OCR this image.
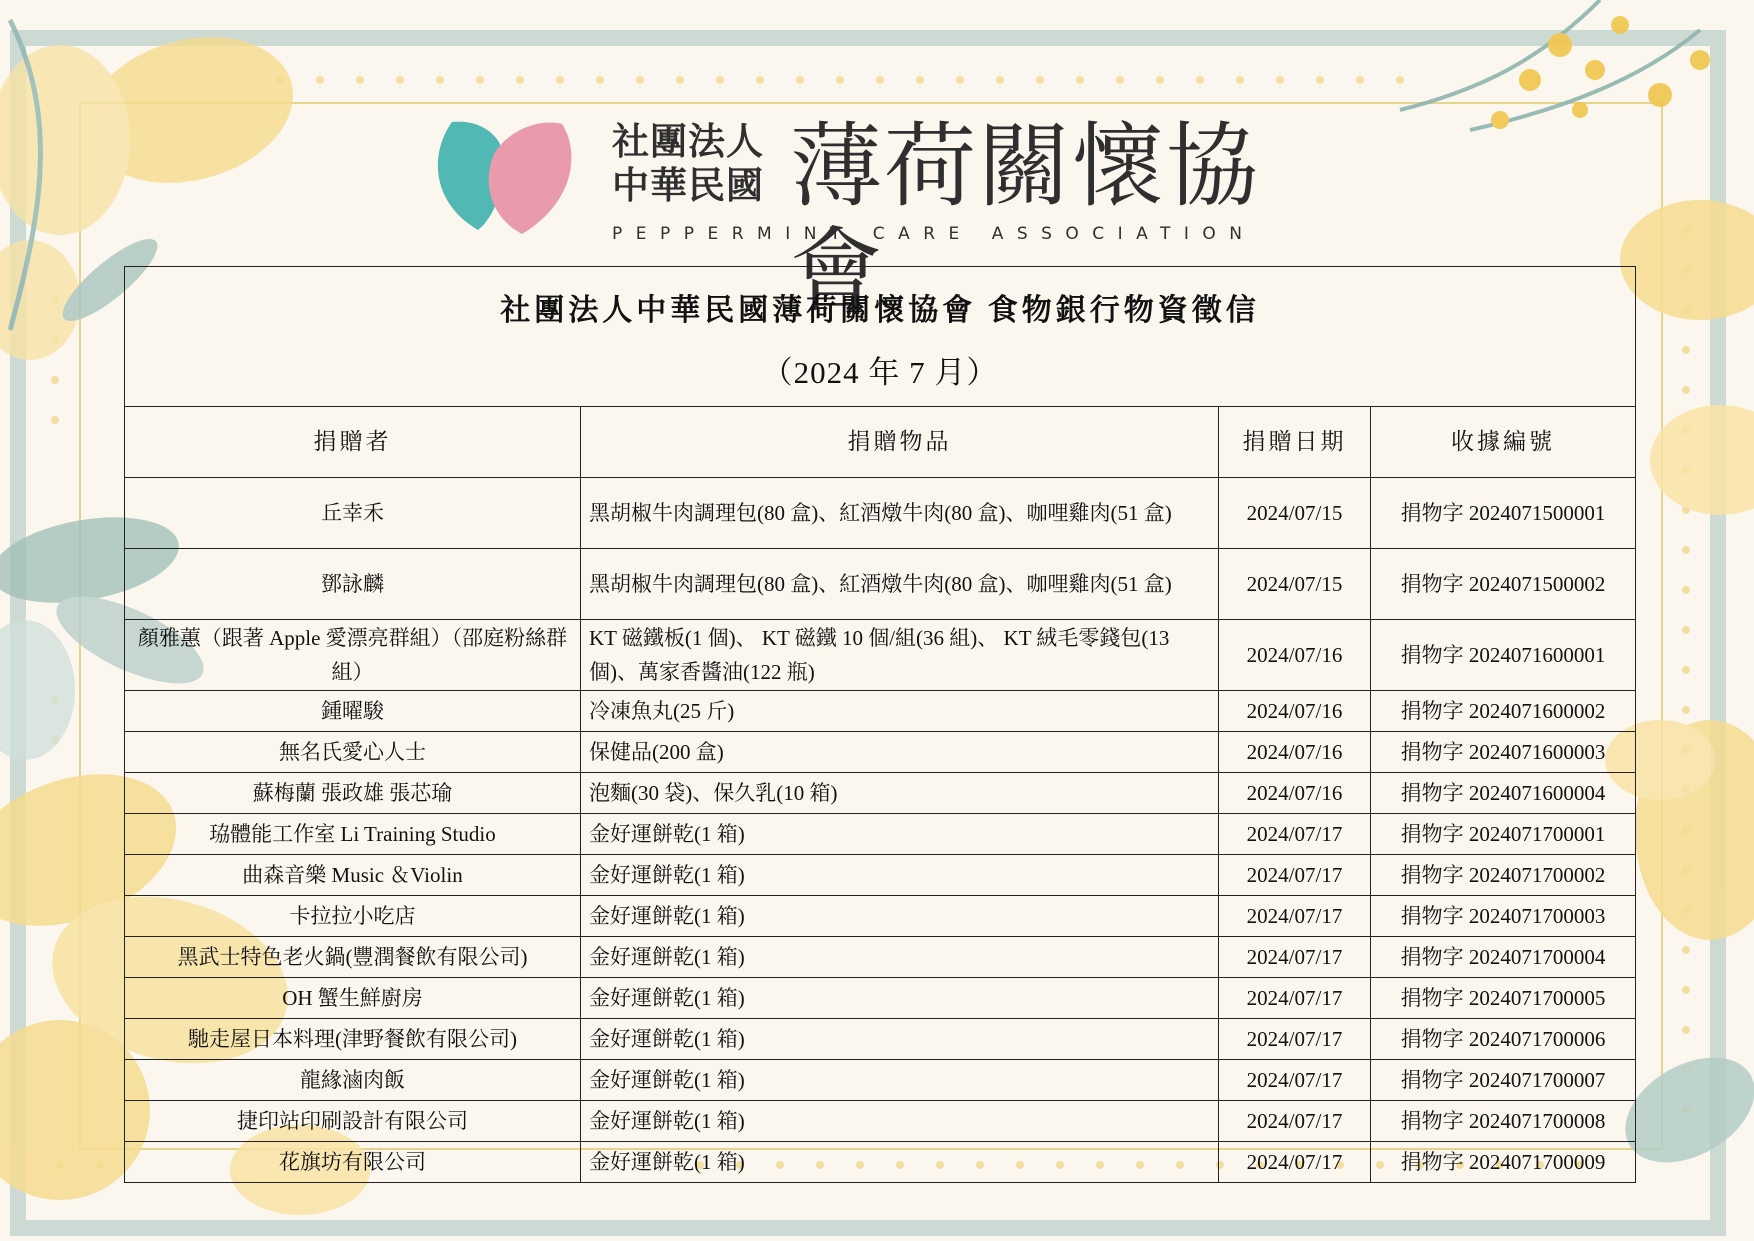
社團法人
中華民國 薄荷關懷協會
PEPPERMINT CARE ASSOCIATION
社團法人中華民國薄荷關懷協會 食物銀行物資徵信
（2024 年 7 月）			

捐贈者	捐贈物品	捐贈日期	收據編號
丘幸禾	黑胡椒牛肉調理包(80 盒)、紅酒燉牛肉(80 盒)、咖哩雞肉(51 盒)	2024/07/15	捐物字 2024071500001
鄧詠麟	黑胡椒牛肉調理包(80 盒)、紅酒燉牛肉(80 盒)、咖哩雞肉(51 盒)	2024/07/15	捐物字 2024071500002
顏雅蕙（跟著 Apple 愛漂亮群組）（邵庭粉絲群組）	KT 磁鐵板(1 個)、 KT 磁鐵 10 個/組(36 組)、 KT 絨毛零錢包(13 個)、萬家香醬油(122 瓶)	2024/07/16	捐物字 2024071600001
鍾曜駿	冷凍魚丸(25 斤)	2024/07/16	捐物字 2024071600002
無名氏愛心人士	保健品(200 盒)	2024/07/16	捐物字 2024071600003
蘇梅蘭 張政雄 張芯瑜	泡麵(30 袋)、保久乳(10 箱)	2024/07/16	捐物字 2024071600004
珕體能工作室 Li Training Studio	金好運餅乾(1 箱)	2024/07/17	捐物字 2024071700001
曲森音樂 Music ＆Violin	金好運餅乾(1 箱)	2024/07/17	捐物字 2024071700002
卡拉拉小吃店	金好運餅乾(1 箱)	2024/07/17	捐物字 2024071700003
黑武士特色老火鍋(豐潤餐飲有限公司)	金好運餅乾(1 箱)	2024/07/17	捐物字 2024071700004
OH 蟹生鮮廚房	金好運餅乾(1 箱)	2024/07/17	捐物字 2024071700005
馳走屋日本料理(津野餐飲有限公司)	金好運餅乾(1 箱)	2024/07/17	捐物字 2024071700006
龍緣滷肉飯	金好運餅乾(1 箱)	2024/07/17	捐物字 2024071700007
捷印站印刷設計有限公司	金好運餅乾(1 箱)	2024/07/17	捐物字 2024071700008
花旗坊有限公司	金好運餅乾(1 箱)	2024/07/17	捐物字 2024071700009
